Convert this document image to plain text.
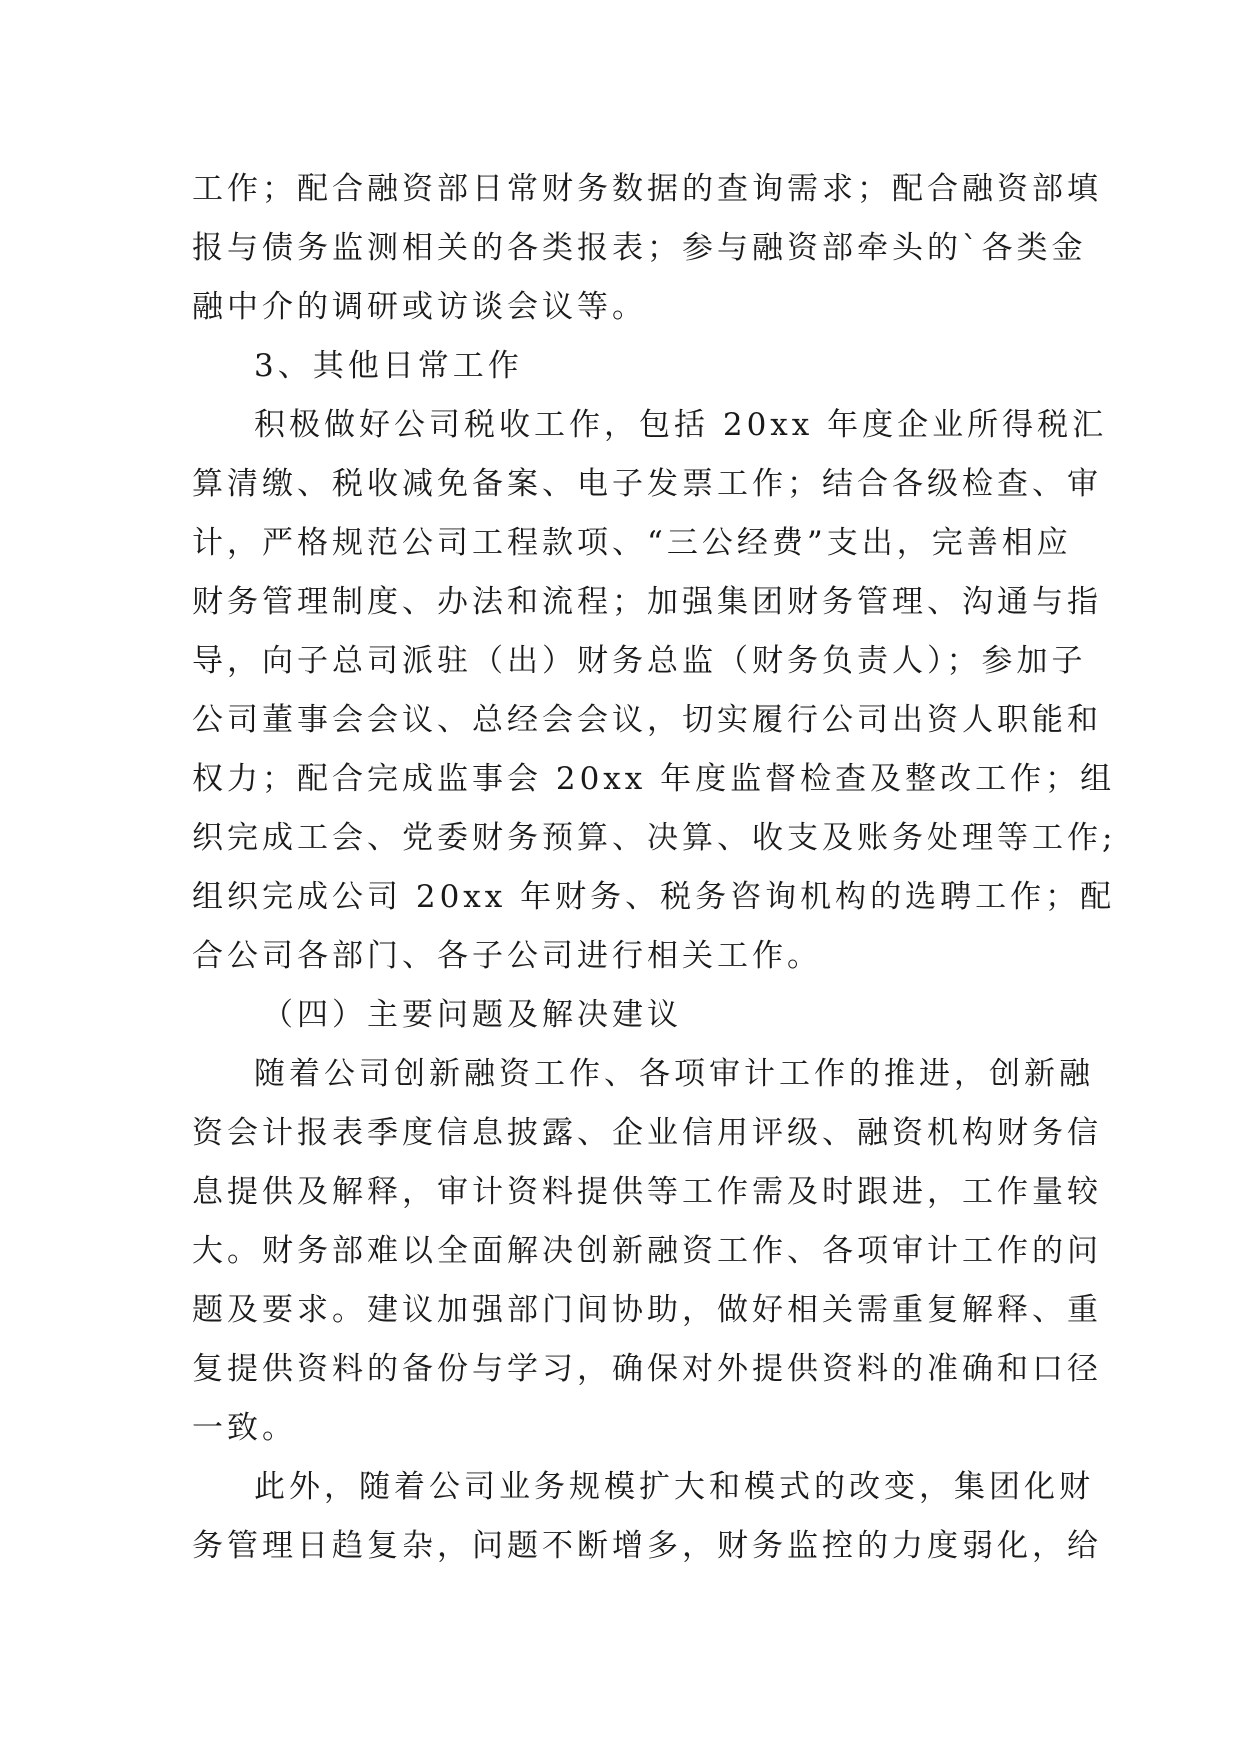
工作；配合融资部日常财务数据的查询需求；配合融资部填
报与债务监测相关的各类报表；参与融资部牵头的`各类金
融中介的调研或访谈会议等。
3、其他日常工作
积极做好公司税收工作，包括 20xx 年度企业所得税汇
算清缴、税收减免备案、电子发票工作；结合各级检查、审
计，严格规范公司工程款项、“三公经费”支出，完善相应
财务管理制度、办法和流程；加强集团财务管理、沟通与指
导，向子总司派驻（出）财务总监（财务负责人）；参加子
公司董事会会议、总经会会议，切实履行公司出资人职能和
权力；配合完成监事会 20xx 年度监督检查及整改工作；组
织完成工会、党委财务预算、决算、收支及账务处理等工作;
组织完成公司 20xx 年财务、税务咨询机构的选聘工作；配
合公司各部门、各子公司进行相关工作。
（四）主要问题及解决建议
随着公司创新融资工作、各项审计工作的推进，创新融
资会计报表季度信息披露、企业信用评级、融资机构财务信
息提供及解释，审计资料提供等工作需及时跟进，工作量较
大。财务部难以全面解决创新融资工作、各项审计工作的问
题及要求。建议加强部门间协助，做好相关需重复解释、重
复提供资料的备份与学习，确保对外提供资料的准确和口径
一致。
此外，随着公司业务规模扩大和模式的改变，集团化财
务管理日趋复杂，问题不断增多，财务监控的力度弱化，给
